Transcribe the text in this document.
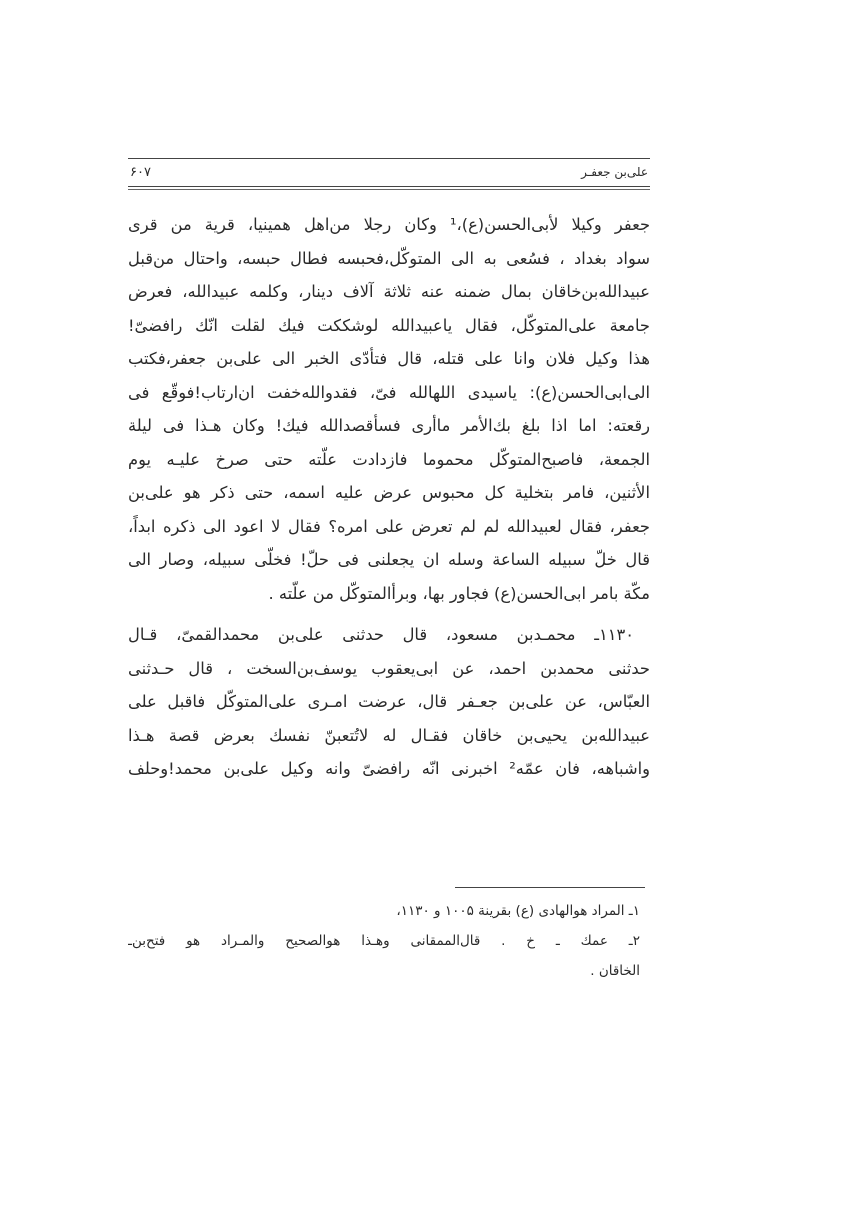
علی‌بن جعفـر
۶۰۷
جعفر وکیلا لأبی‌الحسن(ع)،¹ وکان رجلا من‌اهل همینیا، قریة من قری
سواد بغداد ، فسُعی به الی المتوکّل،فحبسه فطال حبسه، واحتال من‌قبل
عبیدالله‌بن‌خاقان بمال ضمنه عنه ثلاثة آلاف دینار، وکلمه عبیدالله، فعرض
جامعة علی‌المتوکّل، فقال یاعبیدالله لوشککت فیك لقلت انّك رافضیّ!
هذا وکیل فلان وانا علی قتله، قال فتأدّی الخبر الی علی‌بن جعفر،فکتب
الی‌ابی‌الحسن(ع): یاسیدی اللهالله فیّ، فقدوالله‌خفت ان‌ارتاب!فوقّع فی
رقعته: اما اذا بلغ بك‌الأمر ماأری فسأقصدالله فیك! وکان هـذا فی لیلة
الجمعة، فاصبح‌المتوکّل محموما فازدادت علّته حتی صرخ علیـه یوم
الأثنین، فامر بتخلیة کل محبوس عرض علیه اسمه، حتی ذکر هو علی‌بن
جعفر، فقال لعبیدالله لم لم تعرض علی امره؟ فقال لا اعود الی ذکره ابداً،
قال خلّ سبیله الساعة وسله ان یجعلنی فی حلّ! فخلّی سبیله، وصار الی
مکّة بامر ابی‌الحسن(ع) فجاور بها، وبرأالمتوکّل من علّته .
۱۱۳۰ـ محمـدبن مسعود، قال حدثنی علی‌بن محمدالقمیّ، قـال
حدثنی محمدبن احمد، عن ابی‌یعقوب یوسف‌بن‌السخت ، قال حـدثنی
العبّاس، عن علی‌بن جعـفر قال، عرضت امـری علی‌المتوکّل فاقبل علی
عبیدالله‌بن یحیی‌بن خاقان فقـال له لاتُتعبنّ نفسك بعرض قصة هـذا
واشباهه، فان عمّه² اخبرنی انّه رافضیّ وانه وکیل علی‌بن محمد!وحلف
۱ـ المراد هوالهادی (ع) بقرینة ۱۰۰۵ و ۱۱۳۰،
۲ـ عمك ـ خ . قال‌الممقانی وهـذا هوالصحیح والمـراد هو فتح‌بن‌ـ
الخاقان .
